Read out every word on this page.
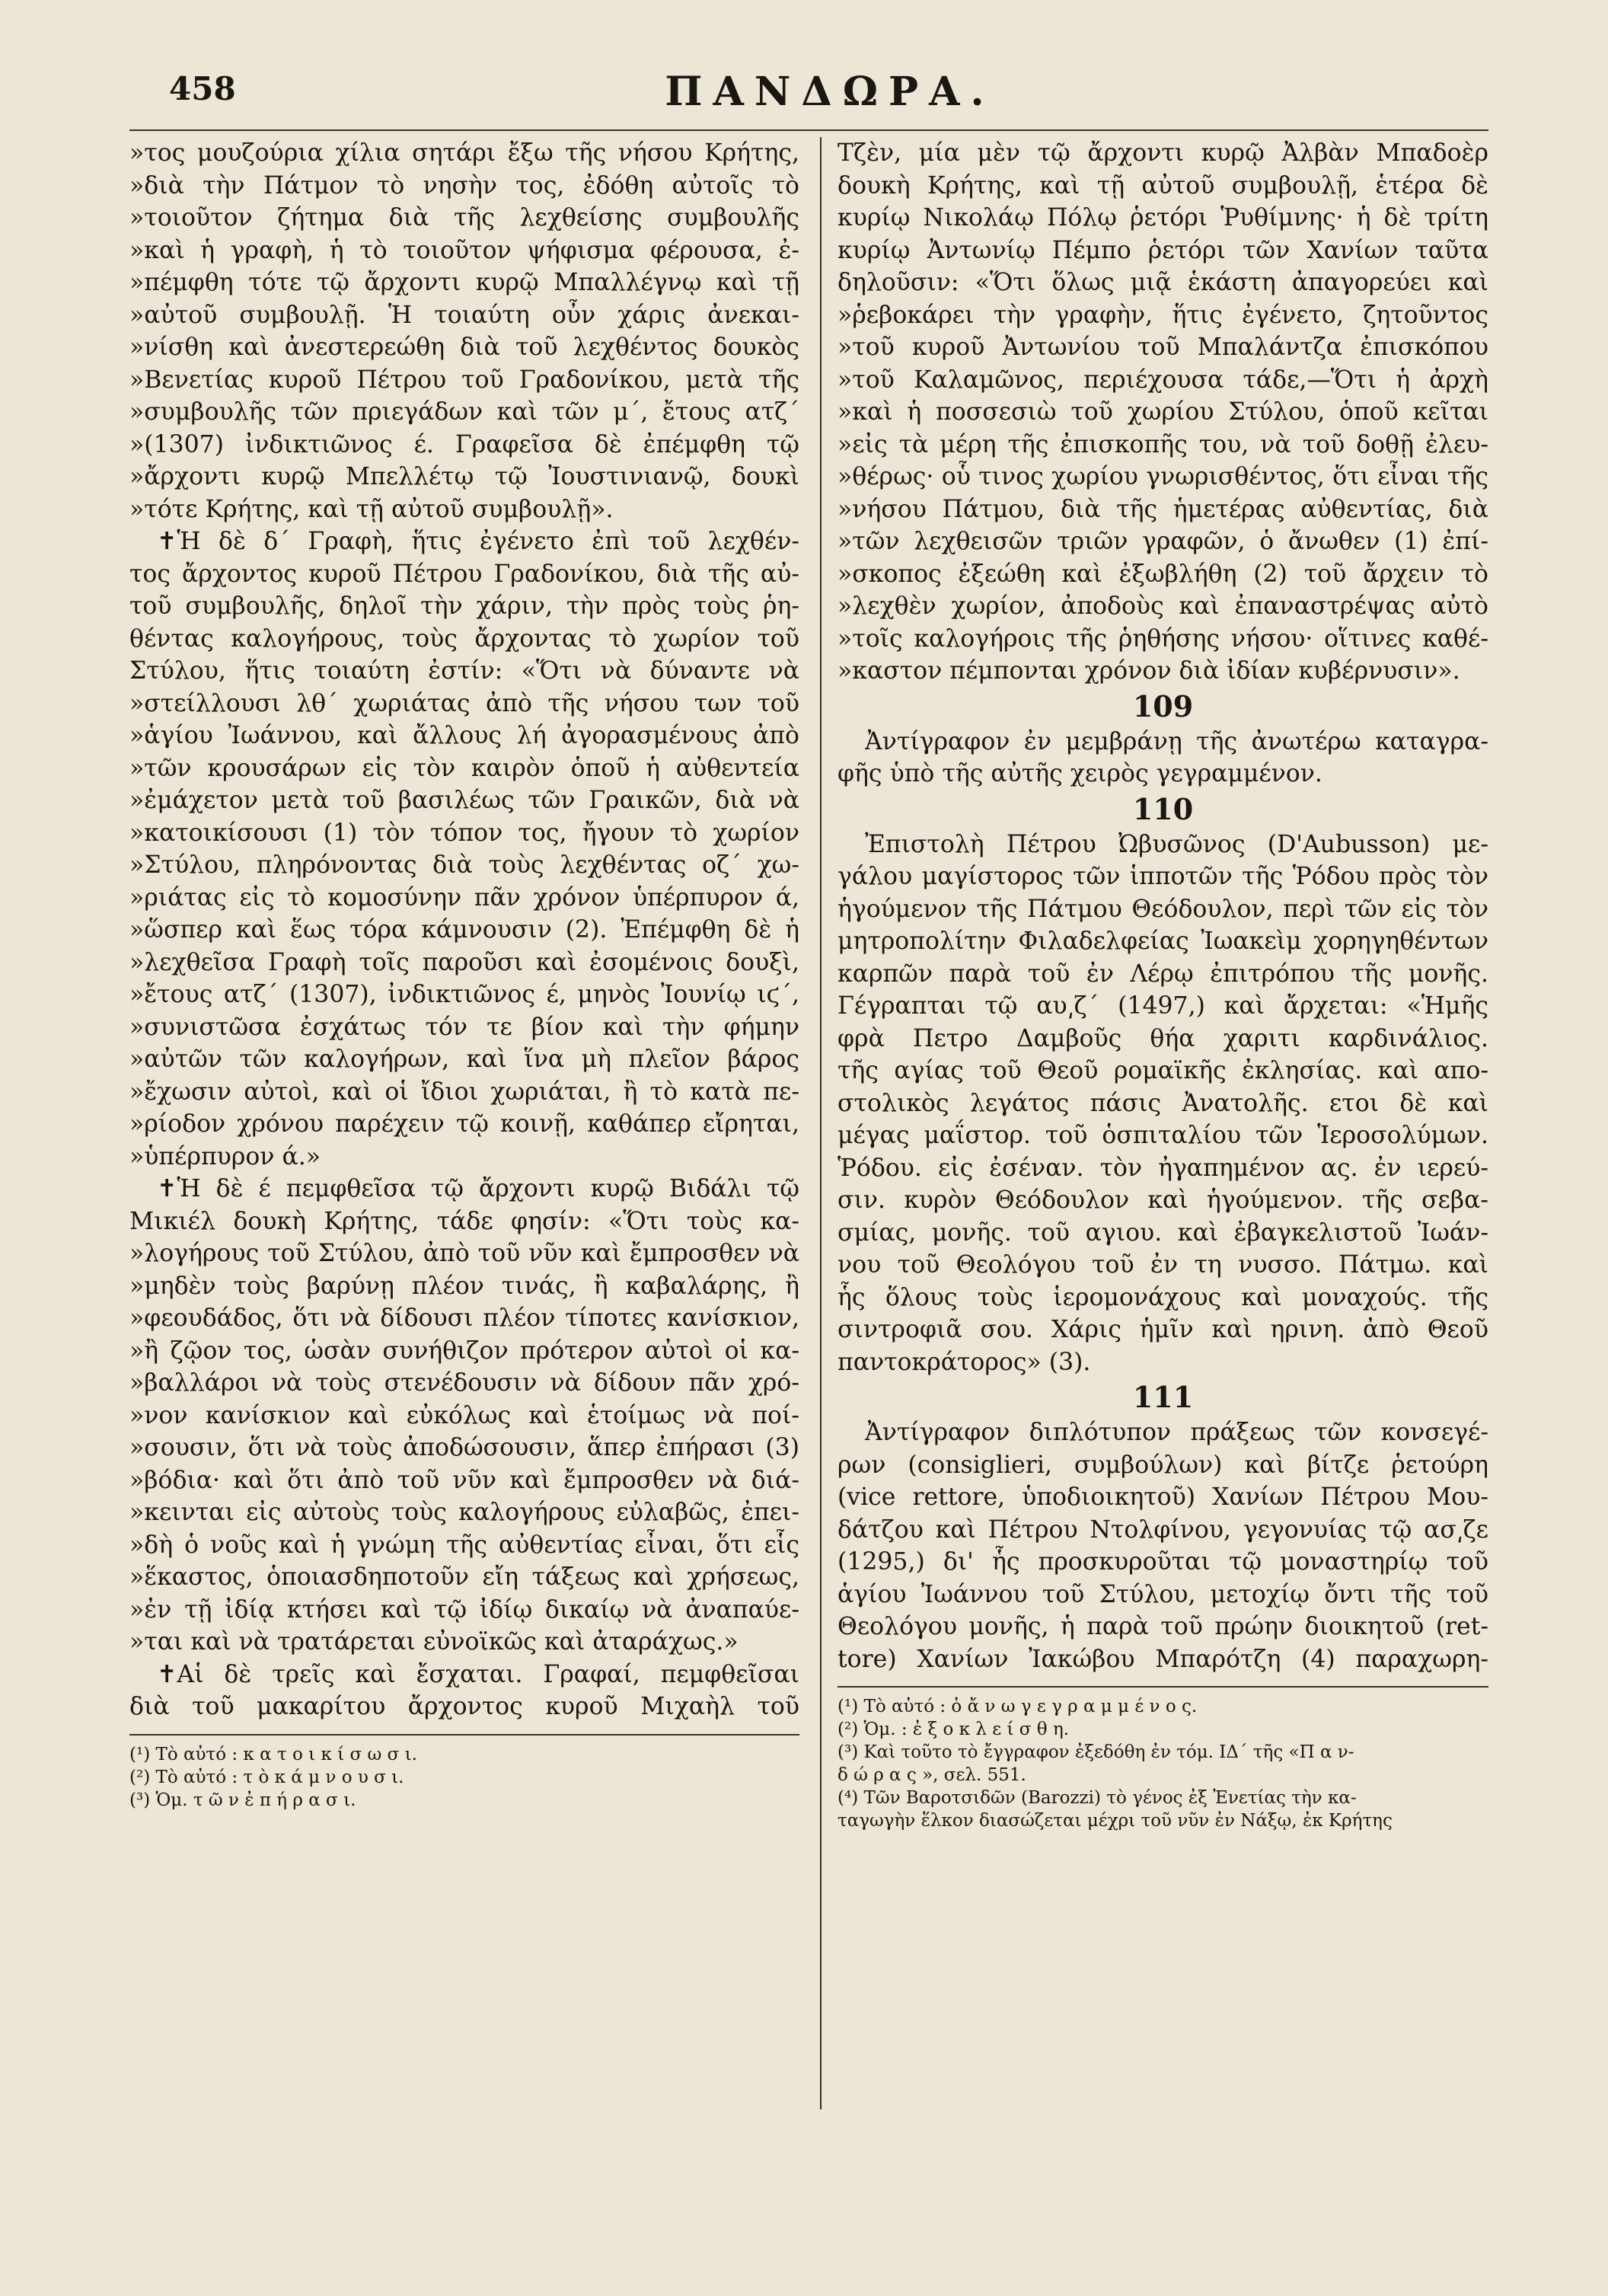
458	ΠΑΝΔΩΡΑ.
»τος μουζούρια χίλια σητάρι ἔξω τῆς νήσου Κρήτης,
»διὰ τὴν Πάτμον τὸ νησὴν τος, ἐδόθη αὐτοῖς τὸ
»τοιοῦτον ζήτημα διὰ τῆς λεχθείσης συμβουλῆς
»καὶ ἡ γραφὴ, ἡ τὸ τοιοῦτον ψήφισμα φέρουσα, ἐ-
»πέμφθη τότε τῷ ἄρχοντι κυρῷ Μπαλλέγνῳ καὶ τῇ
»αὐτοῦ συμβουλῇ. Ἡ τοιαύτη οὖν χάρις ἀνεκαι-
»νίσθη καὶ ἀνεστερεώθη διὰ τοῦ λεχθέντος δουκὸς
»Βενετίας κυροῦ Πέτρου τοῦ Γραδονίκου, μετὰ τῆς
»συμβουλῆς τῶν πριεγάδων καὶ τῶν μ΄, ἔτους ατζ΄
»(1307) ἰνδικτιῶνος έ. Γραφεῖσα δὲ ἐπέμφθη τῷ
»ἄρχοντι κυρῷ Μπελλέτῳ τῷ Ἰουστινιανῷ, δουκὶ
»τότε Κρήτης, καὶ τῇ αὐτοῦ συμβουλῇ».
✝Ἡ δὲ δ΄ Γραφὴ, ἥτις ἐγένετο ἐπὶ τοῦ λεχθέν-
τος ἄρχοντος κυροῦ Πέτρου Γραδονίκου, διὰ τῆς αὐ-
τοῦ συμβουλῆς, δηλοῖ τὴν χάριν, τὴν πρὸς τοὺς ῥη-
θέντας καλογήρους, τοὺς ἄρχοντας τὸ χωρίον τοῦ
Στύλου, ἥτις τοιαύτη ἐστίν: «Ὅτι νὰ δύναντε νὰ
»στείλλουσι λθ΄ χωριάτας ἀπὸ τῆς νήσου των τοῦ
»ἁγίου Ἰωάννου, καὶ ἄλλους λή ἀγορασμένους ἀπὸ
»τῶν κρουσάρων εἰς τὸν καιρὸν ὁποῦ ἡ αὐθεντεία
»ἐμάχετον μετὰ τοῦ βασιλέως τῶν Γραικῶν, διὰ νὰ
»κατοικίσουσι (1) τὸν τόπον τος, ἤγουν τὸ χωρίον
»Στύλου, πληρόνοντας διὰ τοὺς λεχθέντας οζ΄ χω-
»ριάτας εἰς τὸ κομοσύνην πᾶν χρόνον ὑπέρπυρον ά,
»ὥσπερ καὶ ἕως τόρα κάμνουσιν (2). Ἐπέμφθη δὲ ἡ
»λεχθεῖσα Γραφὴ τοῖς παροῦσι καὶ ἐσομένοις δουξὶ,
»ἔτους ατζ΄ (1307), ἰνδικτιῶνος έ, μηνὸς Ἰουνίῳ ιϛ΄,
»συνιστῶσα ἐσχάτως τόν τε βίον καὶ τὴν φήμην
»αὐτῶν τῶν καλογήρων, καὶ ἵνα μὴ πλεῖον βάρος
»ἔχωσιν αὐτοὶ, καὶ οἱ ἴδιοι χωριάται, ἢ τὸ κατὰ πε-
»ρίοδον χρόνου παρέχειν τῷ κοινῇ, καθάπερ εἴρηται,
»ὑπέρπυρον ά.»
✝Ἡ δὲ έ πεμφθεῖσα τῷ ἄρχοντι κυρῷ Βιδάλι τῷ
Μικιέλ δουκὴ Κρήτης, τάδε φησίν: «Ὅτι τοὺς κα-
»λογήρους τοῦ Στύλου, ἀπὸ τοῦ νῦν καὶ ἔμπροσθεν νὰ
»μηδὲν τοὺς βαρύνῃ πλέον τινάς, ἢ καβαλάρης, ἢ
»φεουδάδος, ὅτι νὰ δίδουσι πλέον τίποτες κανίσκιον,
»ἢ ζῷον τος, ὡσὰν συνήθιζον πρότερον αὐτοὶ οἱ κα-
»βαλλάροι νὰ τοὺς στενέδουσιν νὰ δίδουν πᾶν χρό-
»νον κανίσκιον καὶ εὐκόλως καὶ ἑτοίμως νὰ ποί-
»σουσιν, ὅτι νὰ τοὺς ἀποδώσουσιν, ἅπερ ἐπήρασι (3)
»βόδια· καὶ ὅτι ἀπὸ τοῦ νῦν καὶ ἔμπροσθεν νὰ διά-
»κεινται εἰς αὐτοὺς τοὺς καλογήρους εὐλαβῶς, ἐπει-
»δὴ ὁ νοῦς καὶ ἡ γνώμη τῆς αὐθεντίας εἶναι, ὅτι εἷς
»ἕκαστος, ὁποιασδηποτοῦν εἴη τάξεως καὶ χρήσεως,
»ἐν τῇ ἰδίᾳ κτήσει καὶ τῷ ἰδίῳ δικαίῳ νὰ ἀναπαύε-
»ται καὶ νὰ τρατάρεται εὐνοϊκῶς καὶ ἀταράχως.»
✝Αἱ δὲ τρεῖς καὶ ἔσχαται. Γραφαί, πεμφθεῖσαι
διὰ τοῦ μακαρίτου ἄρχοντος κυροῦ Μιχαὴλ τοῦ
(¹) Τὸ αὐτό : κ α τ ο ι κ ί σ ω σ ι.
(²) Τὸ αὐτό : τ ὸ κ ά μ ν ο υ σ ι.
(³) Ὁμ. τ ῶ ν ἐ π ή ρ α σ ι.
Τζὲν, μία μὲν τῷ ἄρχοντι κυρῷ Ἀλβὰν Μπαδοὲρ
δουκὴ Κρήτης, καὶ τῇ αὐτοῦ συμβουλῇ, ἑτέρα δὲ
κυρίῳ Νικολάῳ Πόλῳ ῥετόρι Ῥυθίμνης· ἡ δὲ τρίτη
κυρίῳ Ἀντωνίῳ Πέμπο ῥετόρι τῶν Χανίων ταῦτα
δηλοῦσιν: «Ὅτι ὅλως μιᾷ ἑκάστη ἀπαγορεύει καὶ
»ῥεβοκάρει τὴν γραφὴν, ἥτις ἐγένετο, ζητοῦντος
»τοῦ κυροῦ Ἀντωνίου τοῦ Μπαλάντζα ἐπισκόπου
»τοῦ Καλαμῶνος, περιέχουσα τάδε,—Ὅτι ἡ ἀρχὴ
»καὶ ἡ ποσσεσιὼ τοῦ χωρίου Στύλου, ὁποῦ κεῖται
»εἰς τὰ μέρη τῆς ἐπισκοπῆς του, νὰ τοῦ δοθῇ ἐλευ-
»θέρως· οὗ τινος χωρίου γνωρισθέντος, ὅτι εἶναι τῆς
»νήσου Πάτμου, διὰ τῆς ἡμετέρας αὐθεντίας, διὰ
»τῶν λεχθεισῶν τριῶν γραφῶν, ὁ ἄνωθεν (1) ἐπί-
»σκοπος ἐξεώθη καὶ ἐξωβλήθη (2) τοῦ ἄρχειν τὸ
»λεχθὲν χωρίον, ἀποδοὺς καὶ ἐπαναστρέψας αὐτὸ
»τοῖς καλογήροις τῆς ῥηθήσης νήσου· οἵτινες καθέ-
»καστον πέμπονται χρόνον διὰ ἰδίαν κυβέρνυσιν».
109
Ἀντίγραφον ἐν μεμβράνῃ τῆς ἀνωτέρω καταγρα-
φῆς ὑπὸ τῆς αὐτῆς χειρὸς γεγραμμένον.
110
Ἐπιστολὴ Πέτρου Ὠβυσῶνος (D'Aubusson) με-
γάλου μαγίστορος τῶν ἱπποτῶν τῆς Ῥόδου πρὸς τὸν
ἡγούμενον τῆς Πάτμου Θεόδουλον, περὶ τῶν εἰς τὸν
μητροπολίτην Φιλαδελφείας Ἰωακεὶμ χορηγηθέντων
καρπῶν παρὰ τοῦ ἐν Λέρῳ ἐπιτρόπου τῆς μονῆς.
Γέγραπται τῷ αυ͵ζ΄ (1497,) καὶ ἄρχεται: «Ἡμῆς
φρὰ Πετρο Δαμβοῦς θήα χαριτι καρδινάλιος.
τῆς αγίας τοῦ Θεοῦ ρομαϊκῆς ἐκλησίας. καὶ απο-
στολικὸς λεγάτος πάσις Ἀνατολῆς. ετοι δὲ καὶ
μέγας μαΐστορ. τοῦ ὁσπιταλίου τῶν Ἱεροσολύμων.
Ῥόδου. εἰς ἐσέναν. τὸν ἠγαπημένον ας. ἐν ιερεύ-
σιν. κυρὸν Θεόδουλον καὶ ἡγούμενον. τῆς σεβα-
σμίας, μονῆς. τοῦ αγιου. καὶ ἐβαγκελιστοῦ Ἰωάν-
νου τοῦ Θεολόγου τοῦ ἐν τη νυσσο. Πάτμω. καὶ
ἧς ὅλους τοὺς ἱερομονάχους καὶ μοναχούς. τῆς
σιντροφιᾶ σου. Χάρις ἡμῖν καὶ ηρινη. ἀπὸ Θεοῦ
παντοκράτορος» (3).
111
Ἀντίγραφον διπλότυπον πράξεως τῶν κονσεγέ-
ρων (consiglieri, συμβούλων) καὶ βίτζε ῥετούρη
(vice rettore, ὑποδιοικητοῦ) Χανίων Πέτρου Μου-
δάτζου καὶ Πέτρου Ντολφίνου, γεγονυίας τῷ ασ͵ζε
(1295,) δι' ἧς προσκυροῦται τῷ μοναστηρίῳ τοῦ
ἁγίου Ἰωάννου τοῦ Στύλου, μετοχίῳ ὄντι τῆς τοῦ
Θεολόγου μονῆς, ἡ παρὰ τοῦ πρώην διοικητοῦ (ret-
tore) Χανίων Ἰακώβου Μπαρότζη (4) παραχωρη-
(¹) Τὸ αὐτό : ὁ ἄ ν ω γ ε γ ρ α μ μ έ ν ο ς.
(²) Ὁμ. : ἐ ξ ο κ λ ε ί σ θ η.
(³) Καὶ τοῦτο τὸ ἔγγραφον ἐξεδόθη ἐν τόμ. ΙΔ΄ τῆς «Π α ν-
δ ώ ρ α ς », σελ. 551.
(⁴) Τῶν Βαροτσιδῶν (Barozzi) τὸ γένος ἐξ Ἐνετίας τὴν κα-
ταγωγὴν ἕλκον διασώζεται μέχρι τοῦ νῦν ἐν Νάξῳ, ἐκ Κρήτης
